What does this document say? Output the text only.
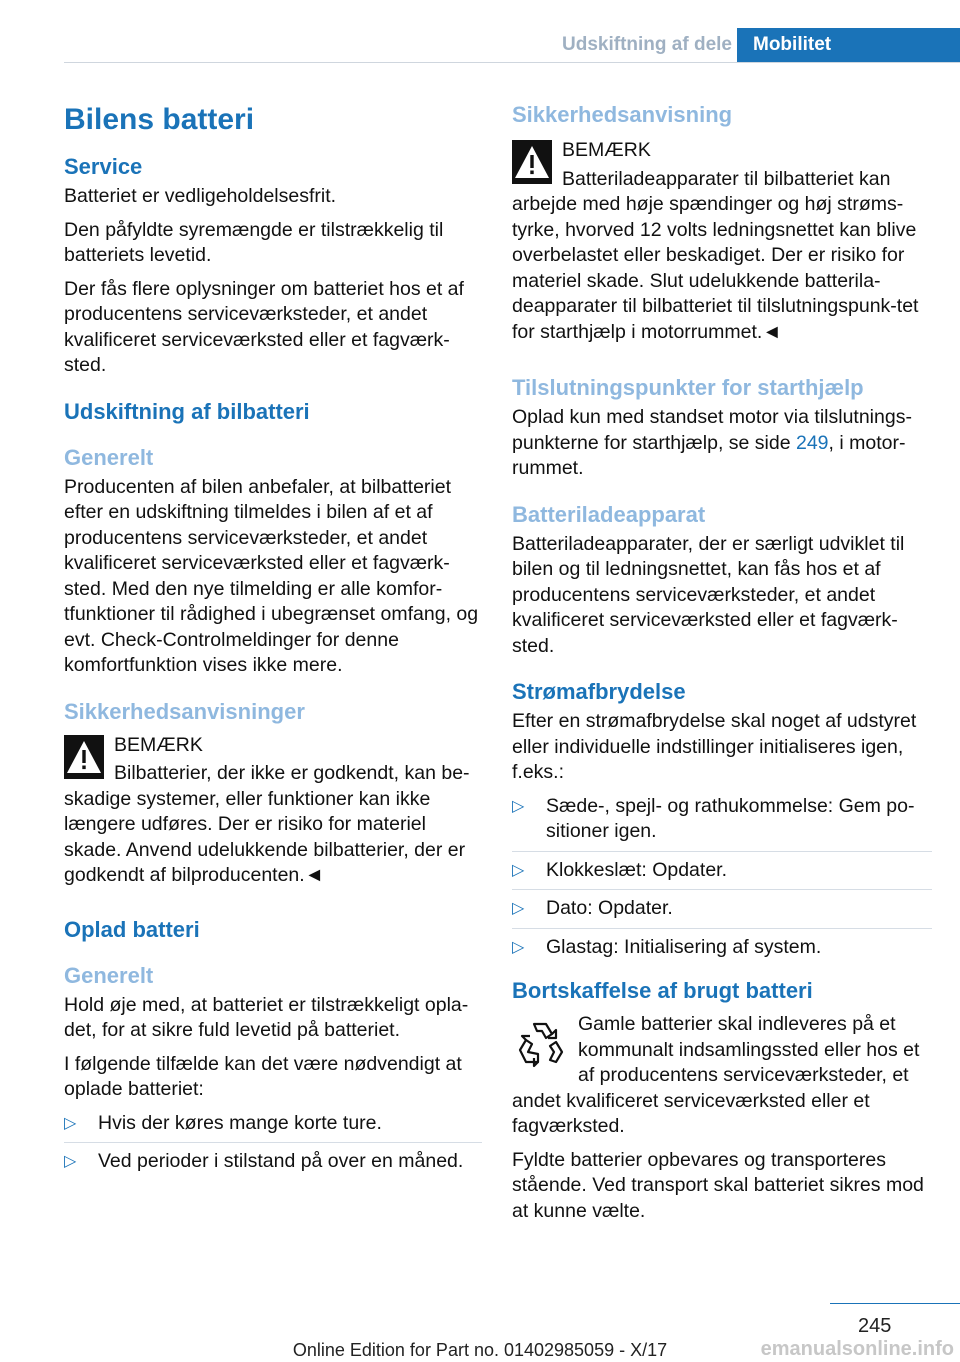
Udskiftning af dele	Mobilitet
Bilens batteri
Service

Batteriet er vedligeholdelsesfrit.

Den påfyldte syremængde er tilstrækkelig til batteriets levetid.

Der fås flere oplysninger om batteriet hos et af producentens serviceværksteder, et andet kvalificeret serviceværksted eller et fagværksted.

Udskiftning af bilbatteri
Generelt

Producenten af bilen anbefaler, at bilbatteriet efter en udskiftning tilmeldes i bilen af et af producentens serviceværksteder, et andet kvalificeret serviceværksted eller et fagværksted. Med den nye tilmelding er alle komfortfunktioner til rådighed i ubegrænset omfang, og evt. Check-Controlmeldinger for denne komfortfunktion vises ikke mere.

Sikkerhedsanvisninger
BEMÆRK
Bilbatterier, der ikke er godkendt, kan be‐
skadige systemer, eller funktioner kan ikke længere udføres. Der er risiko for materiel skade. Anvend udelukkende bilbatterier, der er godkendt af bilproducenten.◄
Oplad batteri
Generelt

Hold øje med, at batteriet er tilstrækkeligt opla‐det, for at sikre fuld levetid på batteriet.

I følgende tilfælde kan det være nødvendigt at oplade batteriet:

▷ Hvis der køres mange korte ture.
▷ Ved perioder i stilstand på over en måned.
Sikkerhedsanvisning
BEMÆRK
Batteriladeapparater til bilbatteriet kan
arbejde med høje spændinger og høj strøms‐tyrke, hvorved 12 volts ledningsnettet kan blive overbelastet eller beskadiget. Der er risiko for materiel skade. Slut udelukkende batterila‐deapparater til bilbatteriet til tilslutningspunk‐tet for starthjælp i motorrummet.◄
Tilslutningspunkter for starthjælp

Oplad kun med standset motor via tilslutnings‐punkterne for starthjælp, se side 249, i motor‐rummet.

Batteriladeapparat

Batteriladeapparater, der er særligt udviklet til bilen og til ledningsnettet, kan fås hos et af producentens serviceværksteder, et andet kvalificeret serviceværksted eller et fagværksted.

Strømafbrydelse

Efter en strømafbrydelse skal noget af udstyret eller individuelle indstillinger initialiseres igen, f.eks.:

▷ Sæde-, spejl- og rathukommelse: Gem po‐sitioner igen.
▷ Klokkeslæt: Opdater.
▷ Dato: Opdater.
▷ Glastag: Initialisering af system.
Bortskaffelse af brugt batteri

Gamle batterier skal indleveres på et kommunalt indsamlingssted eller hos et af producentens serviceværksteder, et andet kvalificeret serviceværksted eller et fagværksted.

Fyldte batterier opbevares og transporteres stående. Ved transport skal batteriet sikres mod at kunne vælte.

245
Online Edition for Part no. 01402985059 - X/17	emanualsonline.info
